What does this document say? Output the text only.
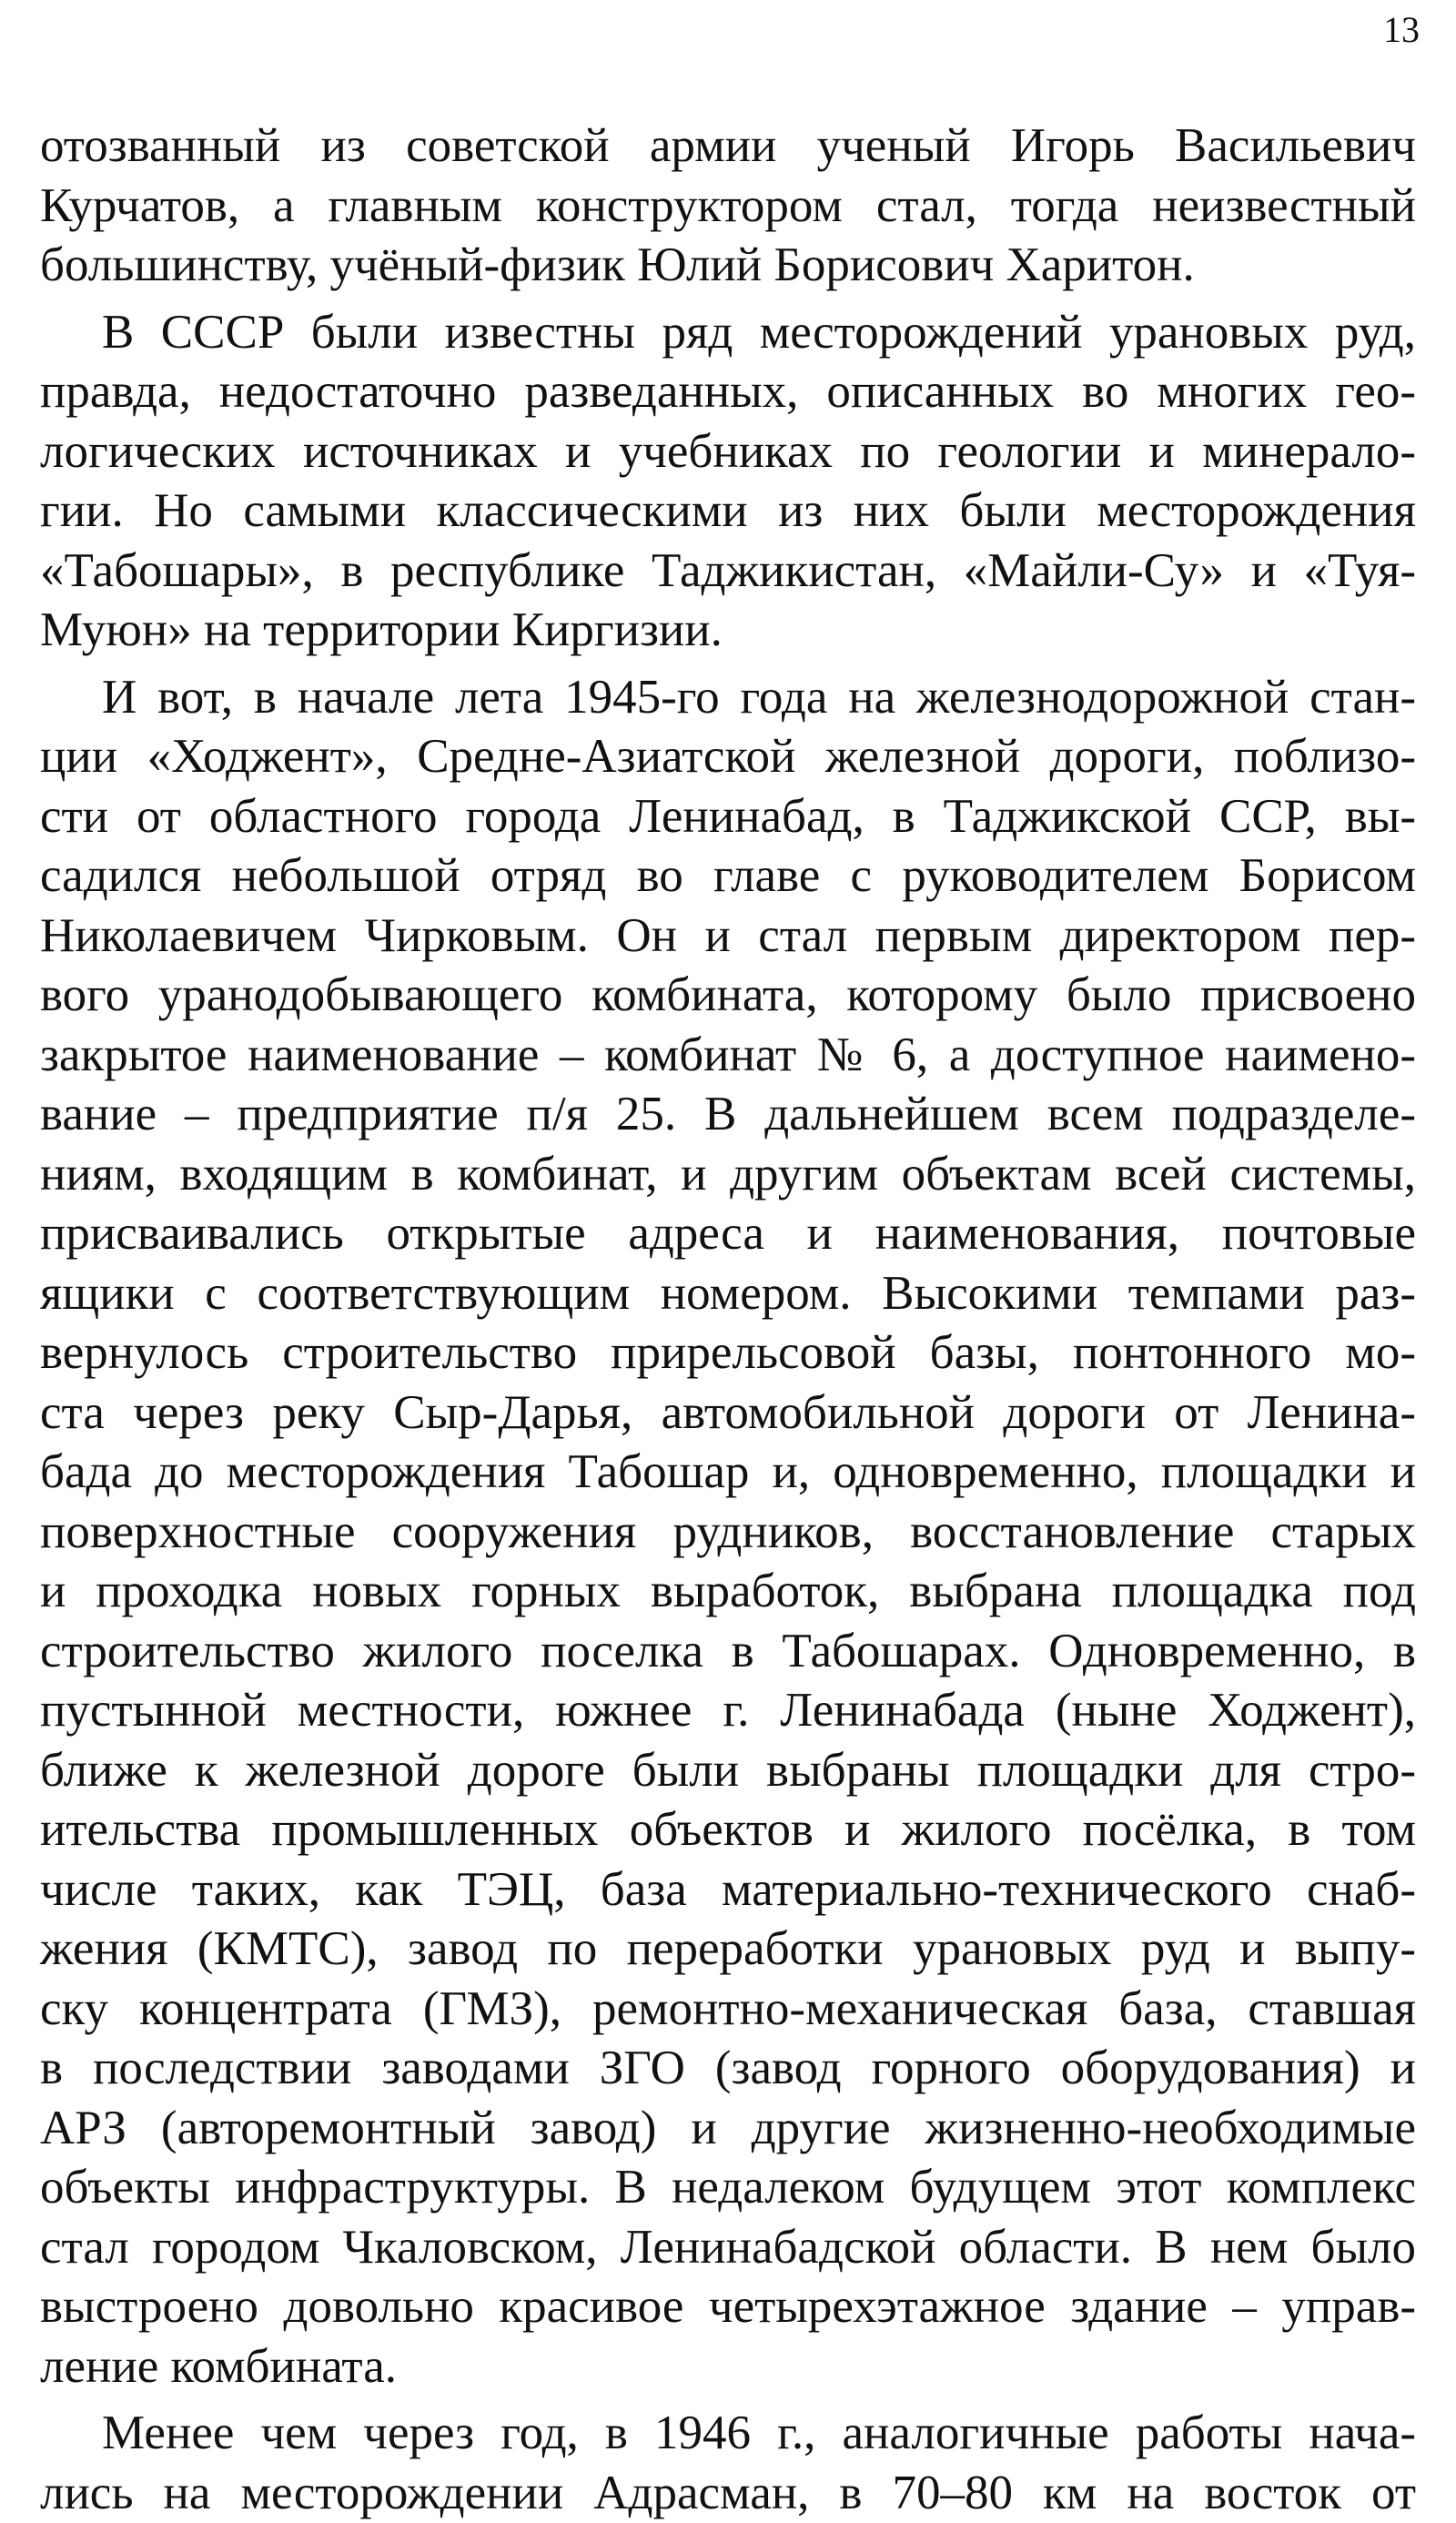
13
отозванный из советской армии ученый Игорь Васильевич
Курчатов, а главным конструктором стал, тогда неизвестный
большинству, учёный-физик Юлий Борисович Харитон.
В СССР были известны ряд месторождений урановых руд,
правда, недостаточно разведанных, описанных во многих гео-
логических источниках и учебниках по геологии и минерало-
гии. Но самыми классическими из них были месторождения
«Табошары», в республике Таджикистан, «Майли-Су» и «Туя-
Муюн» на территории Киргизии.
И вот, в начале лета 1945-го года на железнодорожной стан-
ции «Ходжент», Средне-Азиатской железной дороги, поблизо-
сти от областного города Ленинабад, в Таджикской ССР, вы-
садился небольшой отряд во главе с руководителем Борисом
Николаевичем Чирковым. Он и стал первым директором пер-
вого уранодобывающего комбината, которому было присвоено
закрытое наименование – комбинат № 6, а доступное наимено-
вание – предприятие п/я 25. В дальнейшем всем подразделе-
ниям, входящим в комбинат, и другим объектам всей системы,
присваивались открытые адреса и наименования, почтовые
ящики с соответствующим номером. Высокими темпами раз-
вернулось строительство прирельсовой базы, понтонного мо-
ста через реку Сыр-Дарья, автомобильной дороги от Ленина-
бада до месторождения Табошар и, одновременно, площадки и
поверхностные сооружения рудников, восстановление старых
и проходка новых горных выработок, выбрана площадка под
строительство жилого поселка в Табошарах. Одновременно, в
пустынной местности, южнее г. Ленинабада (ныне Ходжент),
ближе к железной дороге были выбраны площадки для стро-
ительства промышленных объектов и жилого посёлка, в том
числе таких, как ТЭЦ, база материально-технического снаб-
жения (КМТС), завод по переработки урановых руд и выпу-
ску концентрата (ГМЗ), ремонтно-механическая база, ставшая
в последствии заводами ЗГО (завод горного оборудования) и
АРЗ (авторемонтный завод) и другие жизненно-необходимые
объекты инфраструктуры. В недалеком будущем этот комплекс
стал городом Чкаловском, Ленинабадской области. В нем было
выстроено довольно красивое четырехэтажное здание – управ-
ление комбината.
Менее чем через год, в 1946 г., аналогичные работы нача-
лись на месторождении Адрасман, в 70–80 км на восток от
